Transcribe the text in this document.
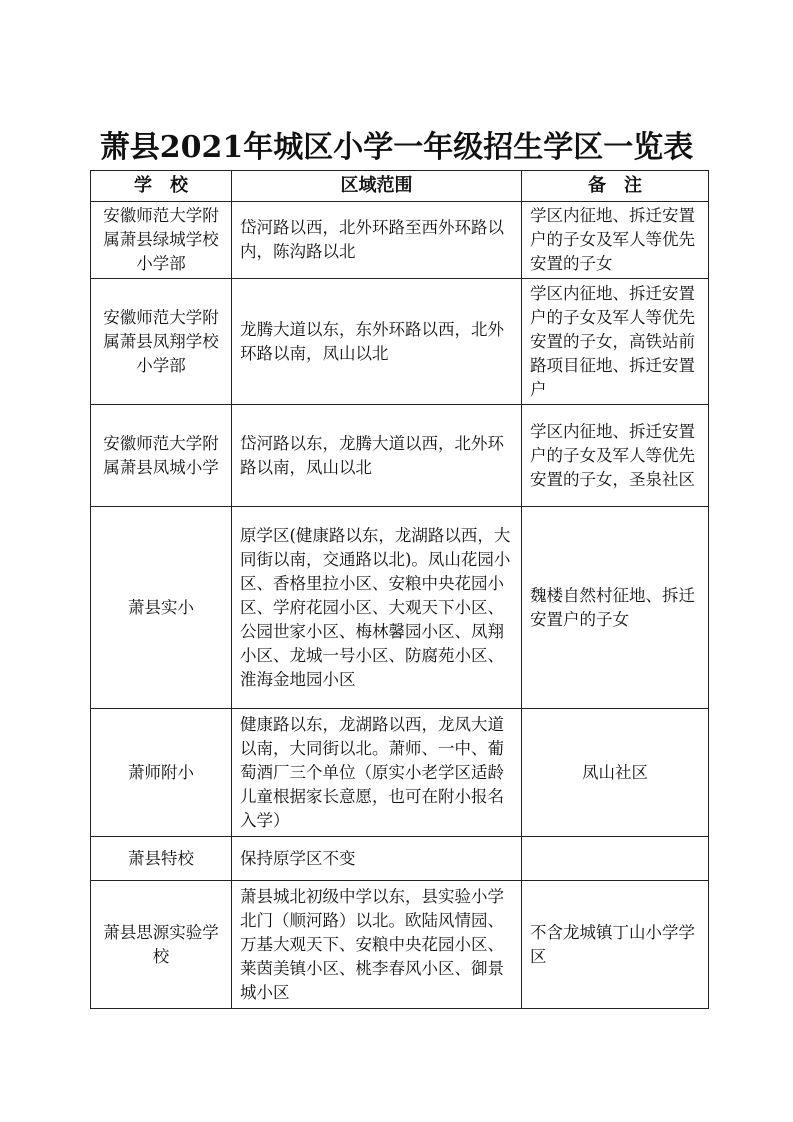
萧县2021年城区小学一年级招生学区一览表
学　校	区域范围	备　注
安徽师范大学附属萧县绿城学校小学部	岱河路以西，北外环路至西外环路以内，陈沟路以北	学区内征地、拆迁安置户的子女及军人等优先安置的子女
安徽师范大学附属萧县凤翔学校小学部	龙腾大道以东，东外环路以西，北外环路以南，凤山以北	学区内征地、拆迁安置户的子女及军人等优先安置的子女，高铁站前路项目征地、拆迁安置户
安徽师范大学附属萧县凤城小学	岱河路以东，龙腾大道以西，北外环路以南，凤山以北	学区内征地、拆迁安置户的子女及军人等优先安置的子女，圣泉社区
萧县实小	原学区(健康路以东，龙湖路以西，大同街以南，交通路以北)。凤山花园小区、香格里拉小区、安粮中央花园小区、学府花园小区、大观天下小区、公园世家小区、梅林馨园小区、凤翔小区、龙城一号小区、防腐苑小区、淮海金地园小区	魏楼自然村征地、拆迁安置户的子女
萧师附小	健康路以东，龙湖路以西，龙凤大道以南，大同街以北。萧师、一中、葡萄酒厂三个单位（原实小老学区适龄儿童根据家长意愿，也可在附小报名入学）	凤山社区
萧县特校	保持原学区不变	
萧县思源实验学校	萧县城北初级中学以东，县实验小学北门（顺河路）以北。欧陆风情园、万基大观天下、安粮中央花园小区、莱茵美镇小区、桃李春风小区、御景城小区	不含龙城镇丁山小学学区
